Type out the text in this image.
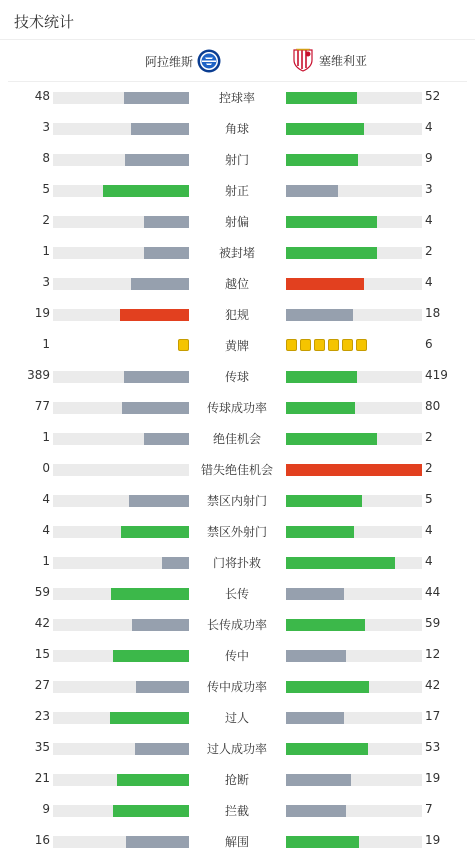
技术统计
阿拉维斯	塞维利亚
48	控球率	52
3	角球	4
8	射门	9
5	射正	3
2	射偏	4
1	被封堵	2
3	越位	4
19	犯规	18
1	黄牌	6
389	传球	419
77	传球成功率	80
1	绝佳机会	2
0	错失绝佳机会	2
4	禁区内射门	5
4	禁区外射门	4
1	门将扑救	4
59	长传	44
42	长传成功率	59
15	传中	12
27	传中成功率	42
23	过人	17
35	过人成功率	53
21	抢断	19
9	拦截	7
16	解围	19
